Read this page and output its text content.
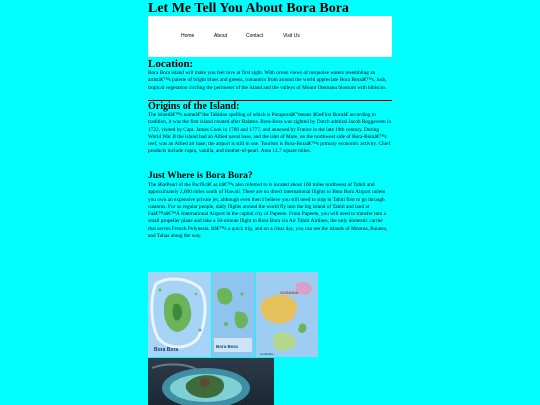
Let Me Tell You About Bora Bora
Home	About	Contact	Visit Us
Location:

Bora Bora island will make you feel love at first sight. With ocean views of turquoise waters resembling an artistâ€™s palette of bright blues and greens, romantics from around the world appreciate Bora Boraâ€™s, lush, tropical vegetation circling the perimeter of the island and the valleys of Mount Otemanu blossom with hibiscus.

Origins of the Island:

The islandâ€™s nameâ€"the Tahitian spelling of which is Poraporaâ€"means â€œFirst Bornâ€ according to tradition, it was the first island created after Raiatea. Bora-Bora was sighted by Dutch admiral Jacob Roggeveen in 1722, visited by Capt. James Cook in 1769 and 1777, and annexed by France in the late 19th century. During World War II the island had an Allied naval base, and the islet of Mute, on the northwest side of Bora-Boraâ€™s reef, was an Allied air base; the airport is still in use. Tourism is Bora-Boraâ€™s primary economic activity. Chief products include copra, vanilla, and mother-of-pearl. Area 14.7 square miles.

Just Where is Bora Bora?

The â€œPearl of the Pacificâ€ as itâ€™s also referred to is located about 160 miles northwest of Tahiti and approximately 2,600 miles south of Hawaii. There are no direct international flights to Bora Bora Airport unless you own an expensive private jet, although even then I believe you still need to stop in Tahiti first to go through customs. For us regular people, daily flights around the world fly into the big island of Tahiti and land at Faâ€™aâ€™Ä International Airport in the capital city of Papeete. From Papeete, you will need to transfer into a small propeller plane and take a 50-minute flight to Bora Bora via Air Tahiti Airlines, the only domestic carrier that serves French Polynesia. Itâ€™s a quick trip, and on a clear day, you can see the islands of Moorea, Raiatea, and Tahaa along the way.

Bora Bora
Bora Bora
OCEANIA
worldatlas
